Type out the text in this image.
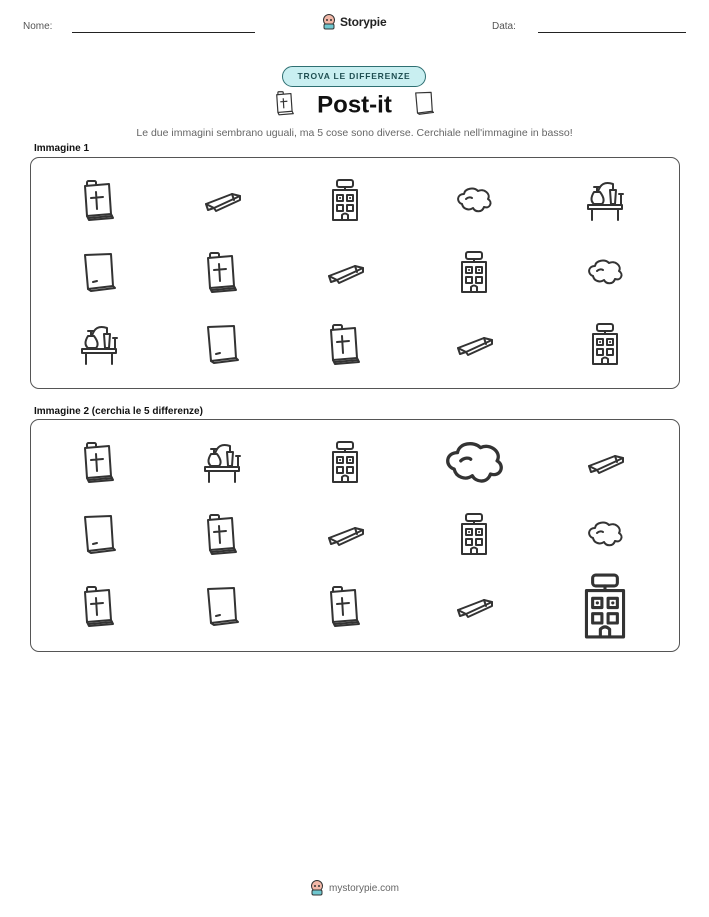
Nome:	Storypie	Data:
TROVA LE DIFFERENZE
Post-it
Le due immagini sembrano uguali, ma 5 cose sono diverse. Cerchiale nell'immagine in basso!
Immagine 1
Immagine 2 (cerchia le 5 differenze)
mystorypie.com
